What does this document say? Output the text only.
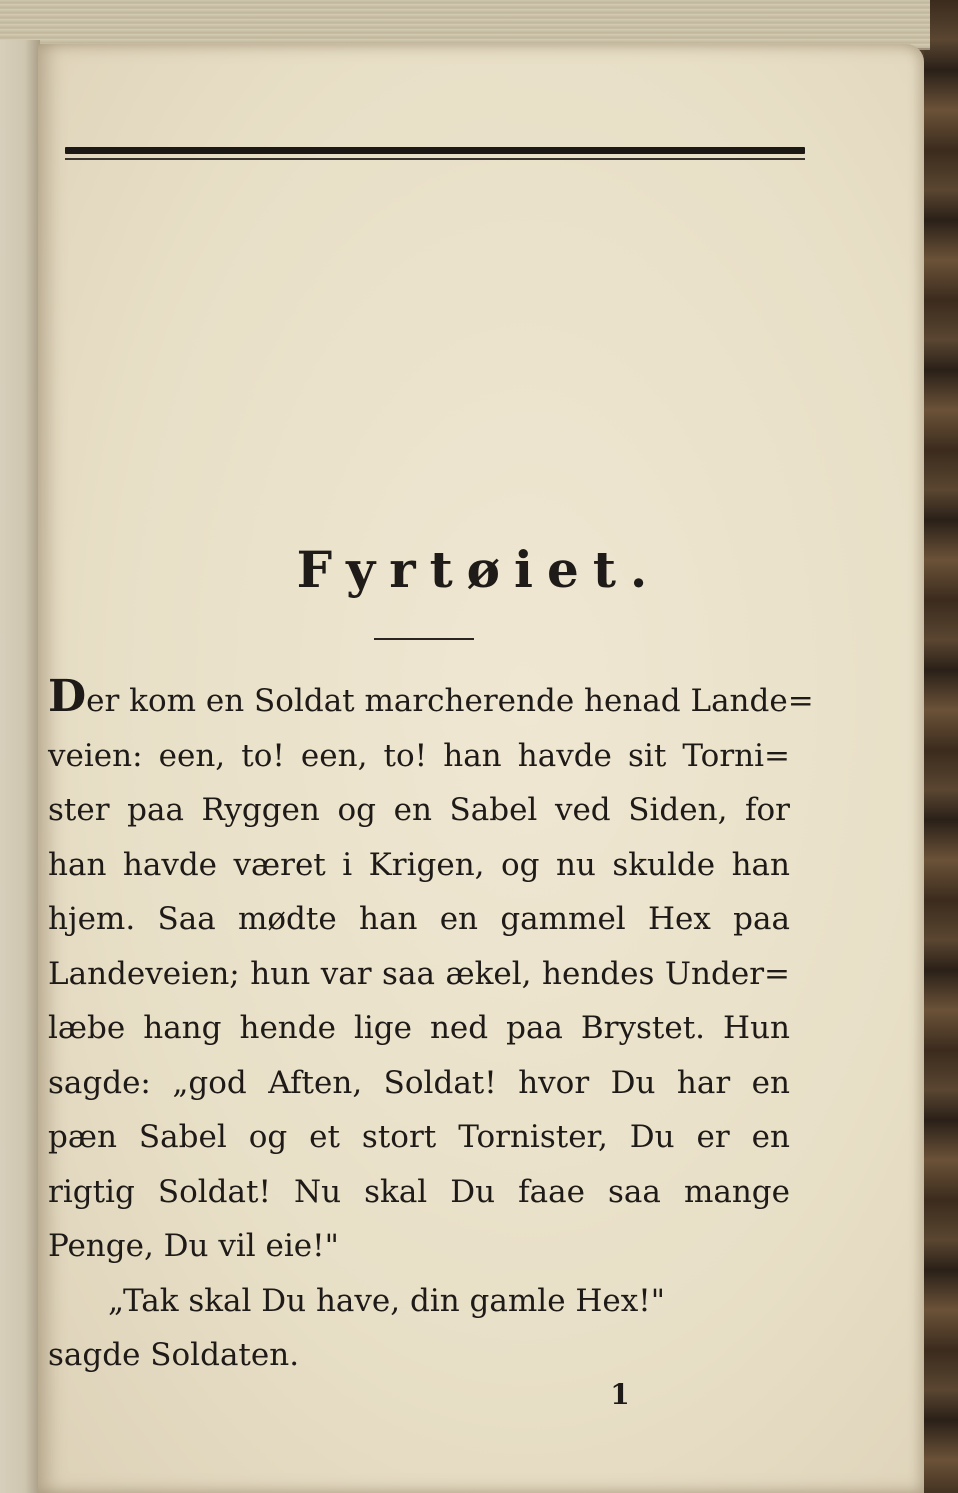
Fyrtøiet.
Der kom en Soldat marcherende henad Lande=
veien: een, to! een, to! han havde sit Torni=
ster paa Ryggen og en Sabel ved Siden, for
han havde været i Krigen, og nu skulde han
hjem. Saa mødte han en gammel Hex paa
Landeveien; hun var saa ækel, hendes Under=
læbe hang hende lige ned paa Brystet. Hun
sagde: „god Aften, Soldat! hvor Du har en
pæn Sabel og et stort Tornister, Du er en
rigtig Soldat! Nu skal Du faae saa mange
Penge, Du vil eie!"
„Tak skal Du have, din gamle Hex!"
sagde Soldaten.
1
